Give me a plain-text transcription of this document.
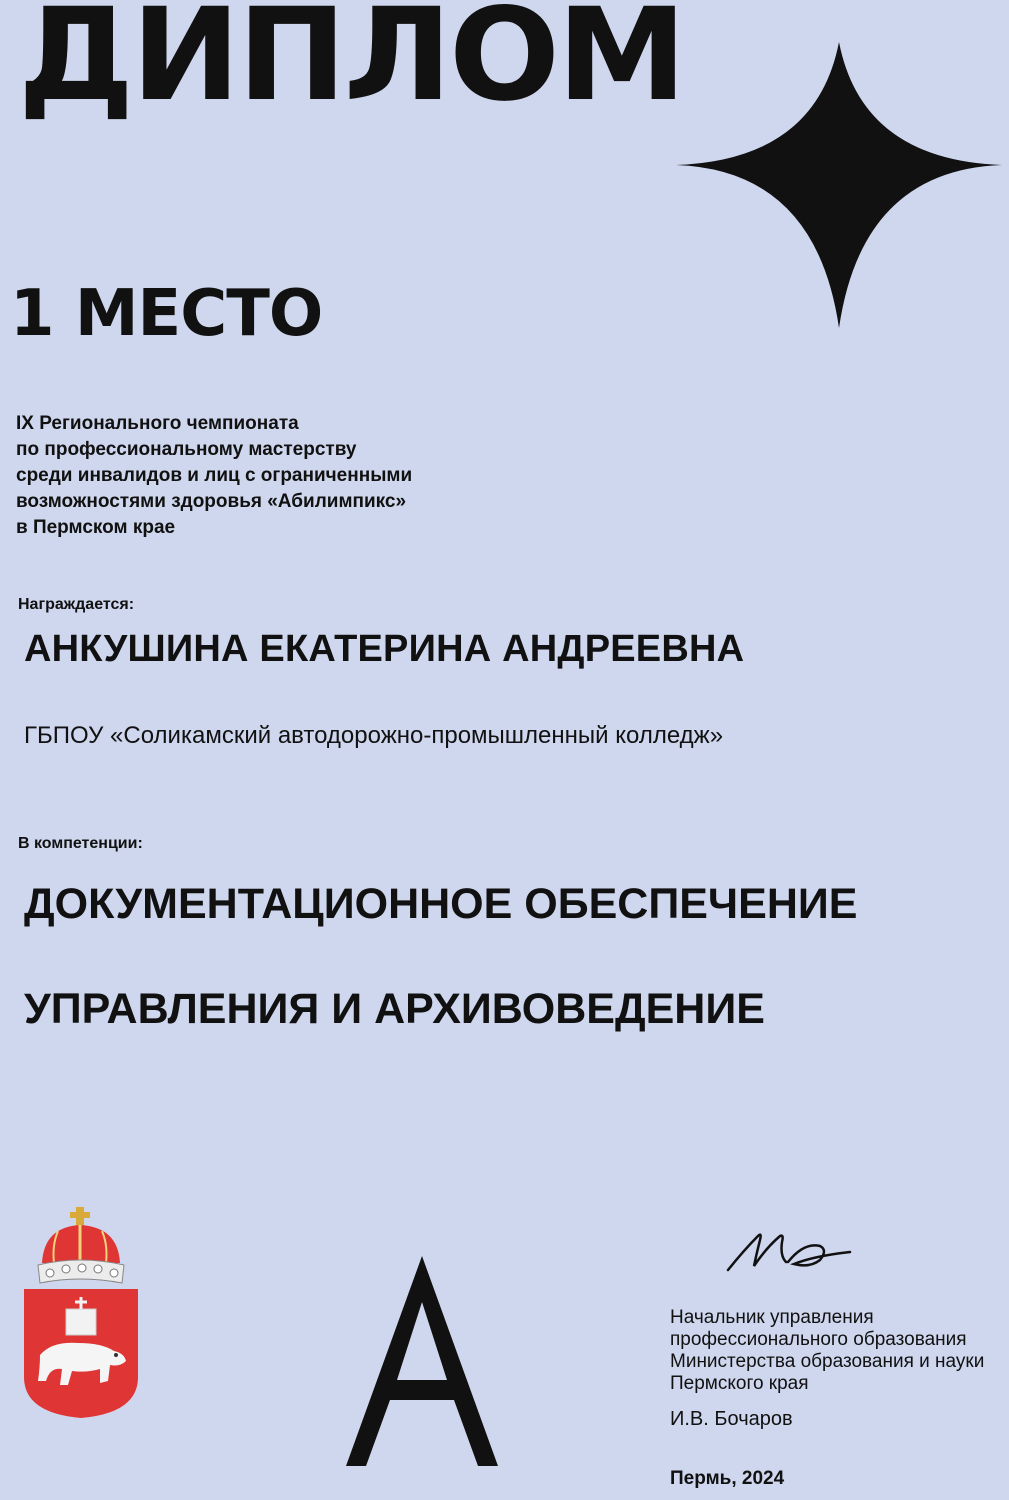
ДИПЛОМ
1 МЕСТО
IX Регионального чемпионата
по профессиональному мастерству
среди инвалидов и лиц с ограниченными
возможностями здоровья «Абилимпикс»
в Пермском крае
Награждается:
АНКУШИНА ЕКАТЕРИНА АНДРЕЕВНА
ГБПОУ «Соликамский автодорожно-промышленный колледж»
В компетенции:
ДОКУМЕНТАЦИОННОЕ ОБЕСПЕЧЕНИЕ
УПРАВЛЕНИЯ И АРХИВОВЕДЕНИЕ
Начальник управления
профессионального образования
Министерства образования и науки
Пермского края
И.В. Бочаров
Пермь, 2024
